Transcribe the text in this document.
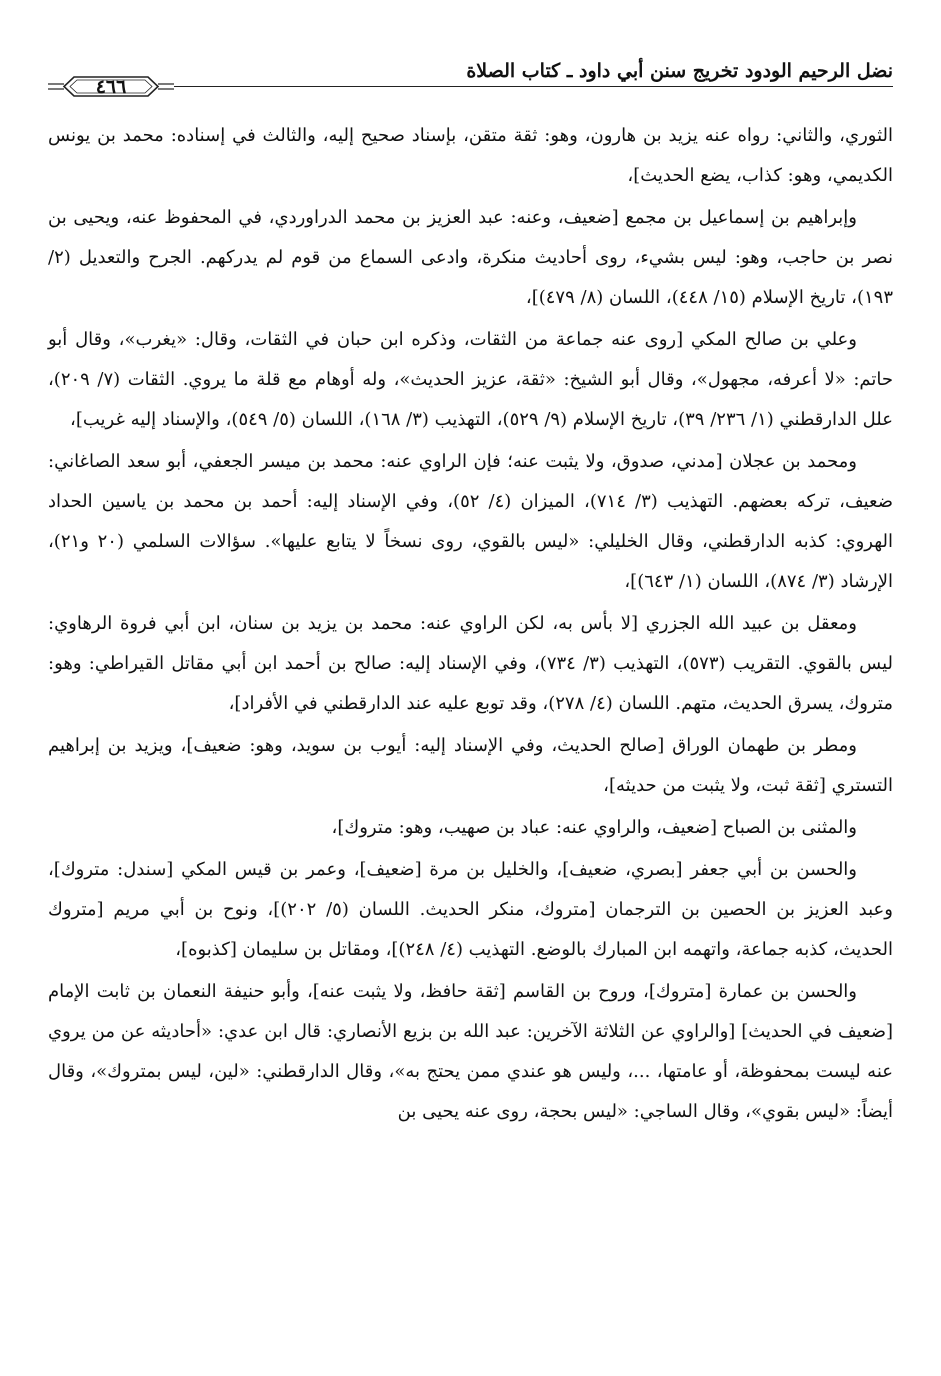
نضل الرحيم الودود تخريج سنن أبي داود ـ كتاب الصلاة
٤٦٦

الثوري، والثاني: رواه عنه يزيد بن هارون، وهو: ثقة متقن، بإسناد صحيح إليه، والثالث في إسناده: محمد بن يونس الكديمي، وهو: كذاب، يضع الحديث]،

وإبراهيم بن إسماعيل بن مجمع [ضعيف، وعنه: عبد العزيز بن محمد الدراوردي، في المحفوظ عنه، ويحيى بن نصر بن حاجب، وهو: ليس بشيء، روى أحاديث منكرة، وادعى السماع من قوم لم يدركهم. الجرح والتعديل (٢/ ١٩٣)، تاريخ الإسلام (١٥/ ٤٤٨)، اللسان (٨/ ٤٧٩)]،

وعلي بن صالح المكي [روى عنه جماعة من الثقات، وذكره ابن حبان في الثقات، وقال: «يغرب»، وقال أبو حاتم: «لا أعرفه، مجهول»، وقال أبو الشيخ: «ثقة، عزيز الحديث»، وله أوهام مع قلة ما يروي. الثقات (٧/ ٢٠٩)، علل الدارقطني (١/ ٢٣٦/ ٣٩)، تاريخ الإسلام (٩/ ٥٢٩)، التهذيب (٣/ ١٦٨)، اللسان (٥/ ٥٤٩)، والإسناد إليه غريب]،

ومحمد بن عجلان [مدني، صدوق، ولا يثبت عنه؛ فإن الراوي عنه: محمد بن ميسر الجعفي، أبو سعد الصاغاني: ضعيف، تركه بعضهم. التهذيب (٣/ ٧١٤)، الميزان (٤/ ٥٢)، وفي الإسناد إليه: أحمد بن محمد بن ياسين الحداد الهروي: كذبه الدارقطني، وقال الخليلي: «ليس بالقوي، روى نسخاً لا يتابع عليها». سؤالات السلمي (٢٠ و٢١)، الإرشاد (٣/ ٨٧٤)، اللسان (١/ ٦٤٣)]،

ومعقل بن عبيد الله الجزري [لا بأس به، لكن الراوي عنه: محمد بن يزيد بن سنان، ابن أبي فروة الرهاوي: ليس بالقوي. التقريب (٥٧٣)، التهذيب (٣/ ٧٣٤)، وفي الإسناد إليه: صالح بن أحمد ابن أبي مقاتل القيراطي: وهو: متروك، يسرق الحديث، متهم. اللسان (٤/ ٢٧٨)، وقد توبع عليه عند الدارقطني في الأفراد]،

ومطر بن طهمان الوراق [صالح الحديث، وفي الإسناد إليه: أيوب بن سويد، وهو: ضعيف]، ويزيد بن إبراهيم التستري [ثقة ثبت، ولا يثبت من حديثه]،

والمثنى بن الصباح [ضعيف، والراوي عنه: عباد بن صهيب، وهو: متروك]،

والحسن بن أبي جعفر [بصري، ضعيف]، والخليل بن مرة [ضعيف]، وعمر بن قيس المكي [سندل: متروك]، وعبد العزيز بن الحصين بن الترجمان [متروك، منكر الحديث. اللسان (٥/ ٢٠٢)]، ونوح بن أبي مريم [متروك الحديث، كذبه جماعة، واتهمه ابن المبارك بالوضع. التهذيب (٤/ ٢٤٨)]، ومقاتل بن سليمان [كذبوه]،

والحسن بن عمارة [متروك]، وروح بن القاسم [ثقة حافظ، ولا يثبت عنه]، وأبو حنيفة النعمان بن ثابت الإمام [ضعيف في الحديث] [والراوي عن الثلاثة الآخرين: عبد الله بن بزيع الأنصاري: قال ابن عدي: «أحاديثه عن من يروي عنه ليست بمحفوظة، أو عامتها، ...، وليس هو عندي ممن يحتج به»، وقال الدارقطني: «لين، ليس بمتروك»، وقال أيضاً: «ليس بقوي»، وقال الساجي: «ليس بحجة، روى عنه يحيى بن
